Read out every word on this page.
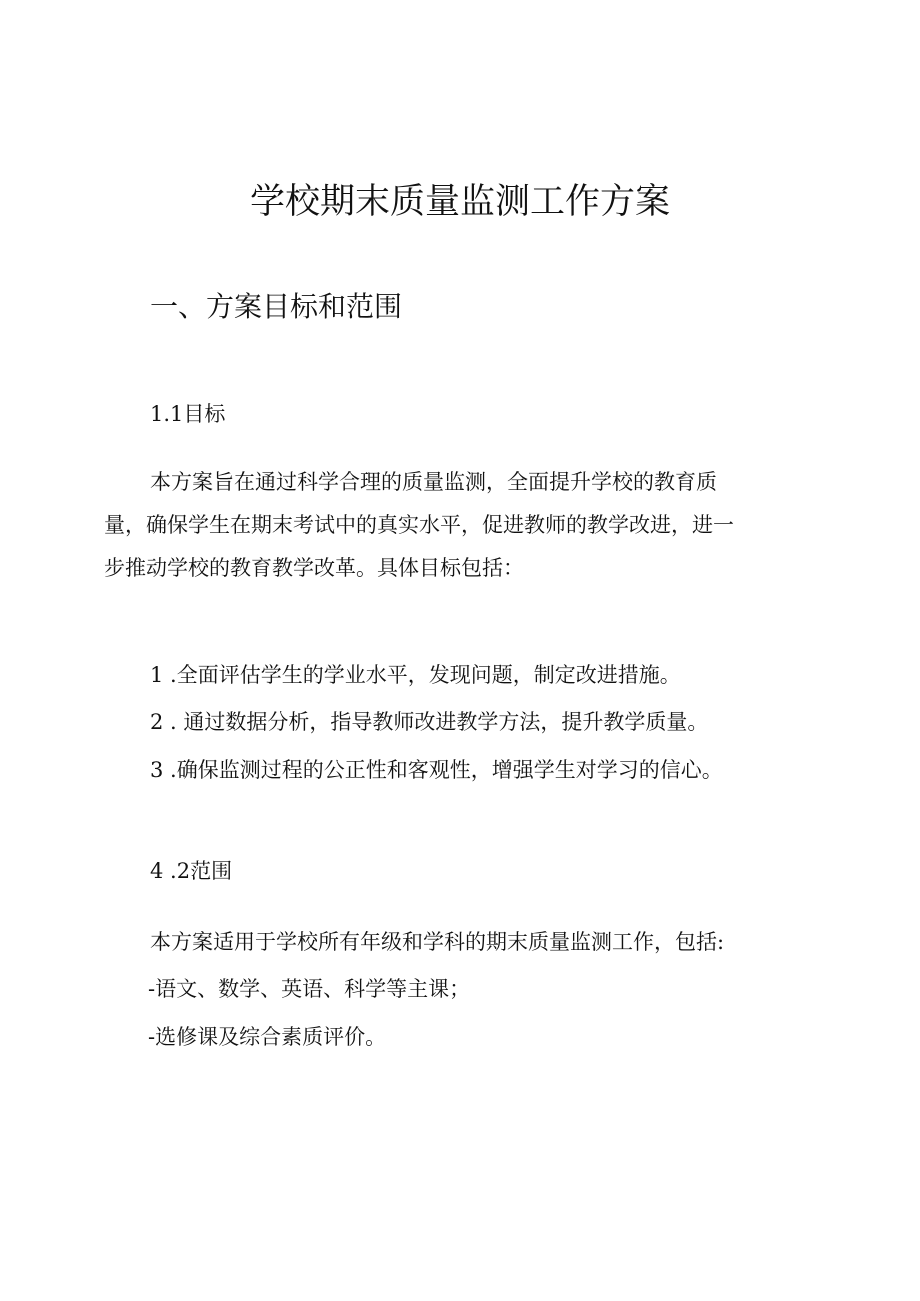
学校期末质量监测工作方案
一、方案目标和范围
1.1目标
本方案旨在通过科学合理的质量监测，全面提升学校的教育质
量，确保学生在期末考试中的真实水平，促进教师的教学改进，进一
步推动学校的教育教学改革。具体目标包括：
1 .全面评估学生的学业水平，发现问题，制定改进措施。
2 . 通过数据分析，指导教师改进教学方法，提升教学质量。
3 .确保监测过程的公正性和客观性，增强学生对学习的信心。
4 .2范围
本方案适用于学校所有年级和学科的期末质量监测工作，包括:
-语文、数学、英语、科学等主课；
-选修课及综合素质评价。
